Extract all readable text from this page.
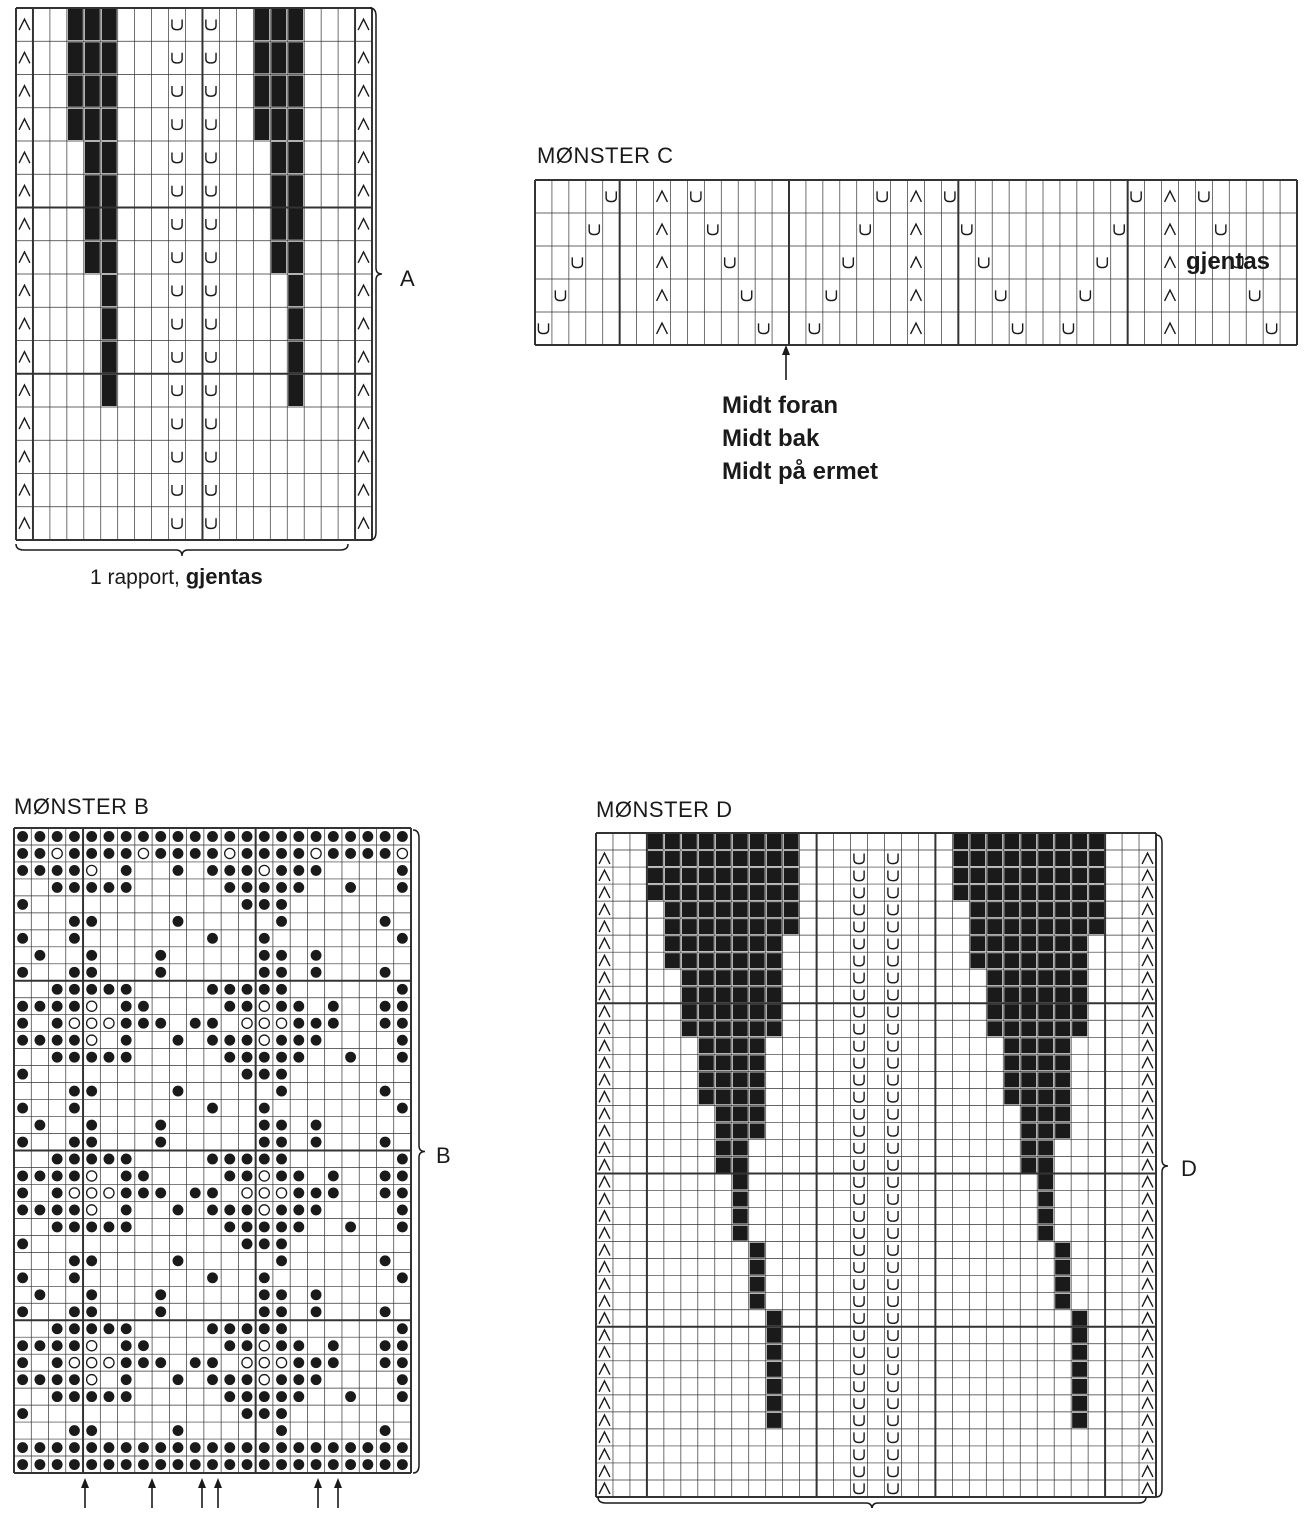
A
1 rapport, gjentas
MØNSTER C
gjentas
Midt foran
Midt bak
Midt på ermet
MØNSTER B
B
MØNSTER D
D
